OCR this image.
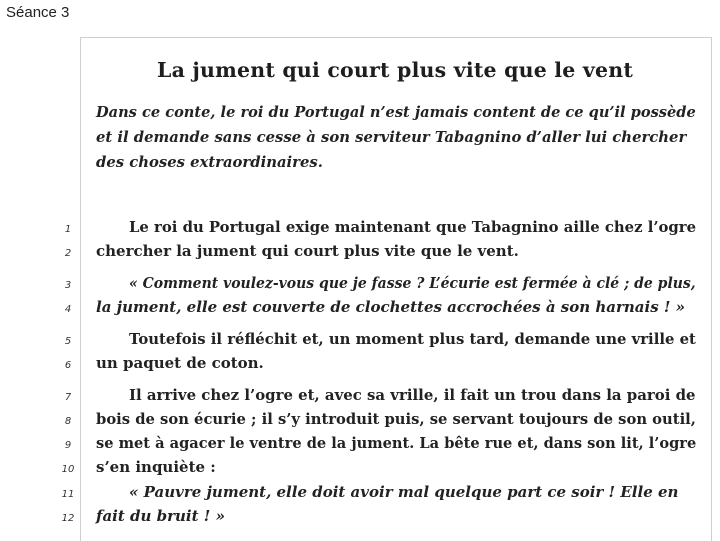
Séance 3
La jument qui court plus vite que le vent
Dans ce conte, le roi du Portugal n’est jamais content de ce qu’il possède
et il demande sans cesse à son serviteur Tabagnino d’aller lui chercher
des choses extraordinaires.
1	Le roi du Portugal exige maintenant que Tabagnino aille chez l’ogre
2	chercher la jument qui court plus vite que le vent.
3	« Comment voulez-vous que je fasse ? L’écurie est fermée à clé ; de plus,
4	la jument, elle est couverte de clochettes accrochées à son harnais ! »
5	Toutefois il réfléchit et, un moment plus tard, demande une vrille et
6	un paquet de coton.
7	Il arrive chez l’ogre et, avec sa vrille, il fait un trou dans la paroi de
8	bois de son écurie ; il s’y introduit puis, se servant toujours de son outil,
9	se met à agacer le ventre de la jument. La bête rue et, dans son lit, l’ogre
10 s’en inquiète :
11	« Pauvre jument, elle doit avoir mal quelque part ce soir ! Elle en
12 fait du bruit ! »
